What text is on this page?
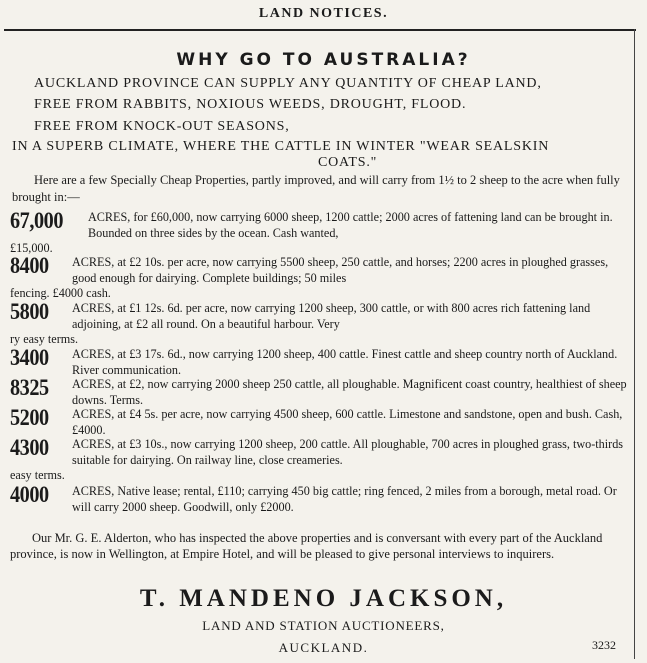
LAND NOTICES.
WHY GO TO AUSTRALIA?
AUCKLAND PROVINCE CAN SUPPLY ANY QUANTITY OF CHEAP LAND,
FREE FROM RABBITS, NOXIOUS WEEDS, DROUGHT, FLOOD.
FREE FROM KNOCK-OUT SEASONS,
IN A SUPERB CLIMATE, WHERE THE CATTLE IN WINTER "WEAR SEALSKIN
COATS."
Here are a few Specially Cheap Properties, partly improved, and will carry from 1½ to 2 sheep to the acre when fully brought in:—
67,000 ACRES, for £60,000, now carrying 6000 sheep, 1200 cattle; 2000 acres of fattening land can be brought in. Bounded on three sides by the ocean. Cash wanted,
£15,000.
8400 ACRES, at £2 10s. per acre, now carrying 5500 sheep, 250 cattle, and horses; 2200 acres in ploughed grasses, good enough for dairying. Complete buildings; 50 miles
fencing. £4000 cash.
5800 ACRES, at £1 12s. 6d. per acre, now carrying 1200 sheep, 300 cattle, or with 800 acres rich fattening land adjoining, at £2 all round. On a beautiful harbour. Very
ry easy terms.
3400 ACRES, at £3 17s. 6d., now carrying 1200 sheep, 400 cattle. Finest cattle and sheep country north of Auckland. River communication.
8325 ACRES, at £2, now carrying 2000 sheep 250 cattle, all ploughable. Magnificent coast country, healthiest of sheep downs. Terms.
5200 ACRES, at £4 5s. per acre, now carrying 4500 sheep, 600 cattle. Limestone and sandstone, open and bush. Cash, £4000.
4300 ACRES, at £3 10s., now carrying 1200 sheep, 200 cattle. All ploughable, 700 acres in ploughed grass, two-thirds suitable for dairying. On railway line, close creameries.
easy terms.
4000 ACRES, Native lease; rental, £110; carrying 450 big cattle; ring fenced, 2 miles from a borough, metal road. Or will carry 2000 sheep. Goodwill, only £2000.
Our Mr. G. E. Alderton, who has inspected the above properties and is conversant with every part of the Auckland province, is now in Wellington, at Empire Hotel, and will be pleased to give personal interviews to inquirers.
T. MANDENO JACKSON,
LAND AND STATION AUCTIONEERS,
AUCKLAND.	3232
